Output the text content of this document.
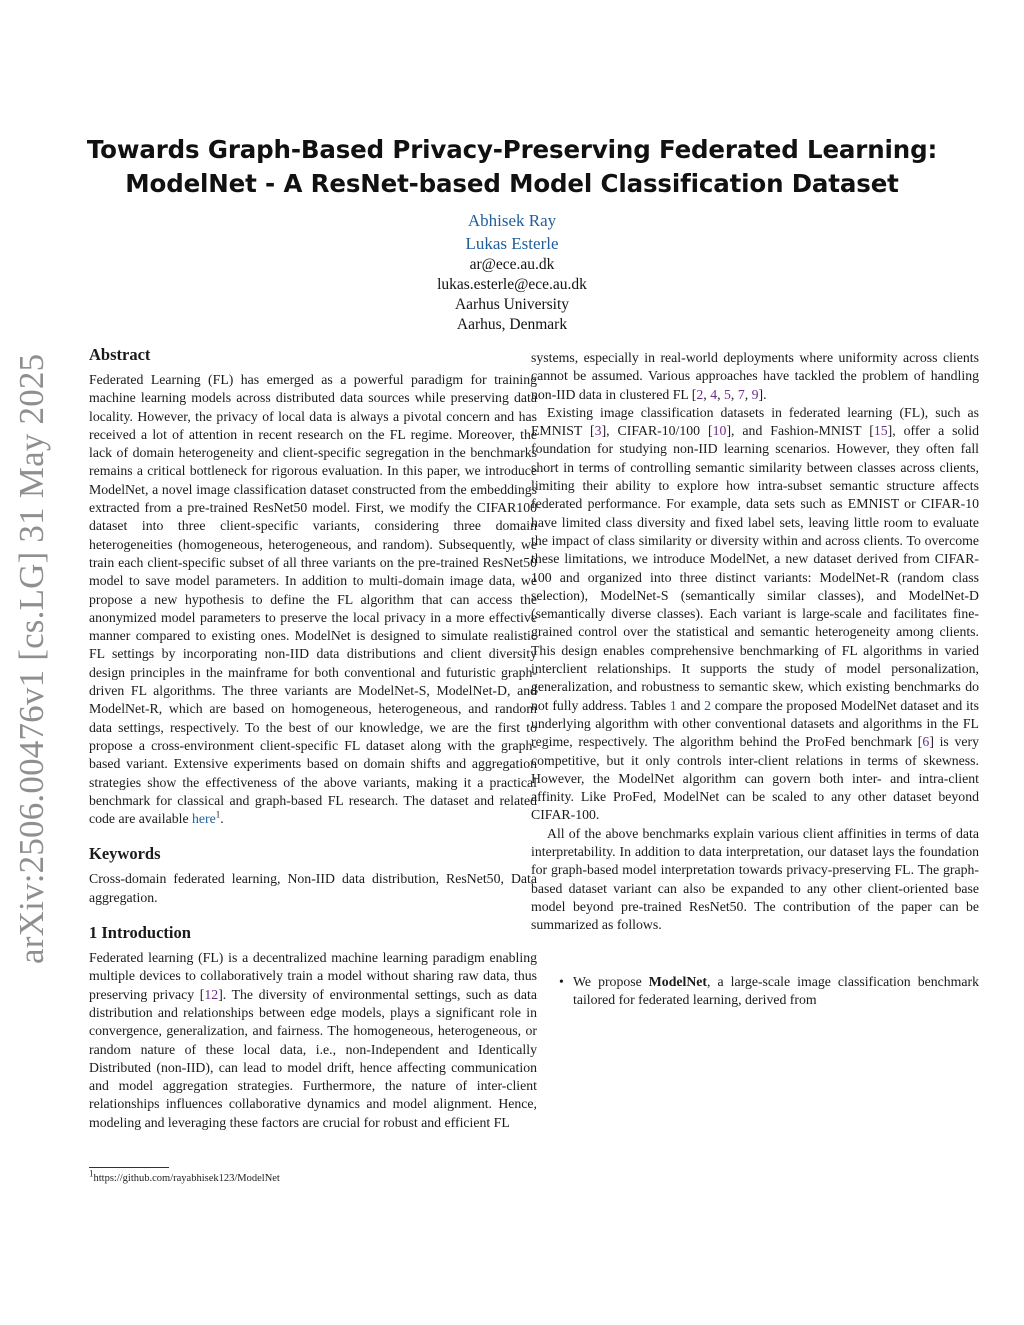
arXiv:2506.00476v1 [cs.LG] 31 May 2025
Towards Graph-Based Privacy-Preserving Federated Learning:
ModelNet - A ResNet-based Model Classification Dataset
Abhisek Ray
Lukas Esterle
ar@ece.au.dk
lukas.esterle@ece.au.dk
Aarhus University
Aarhus, Denmark
Abstract

Federated Learning (FL) has emerged as a powerful paradigm for training machine learning models across distributed data sources while preserving data locality. However, the privacy of local data is always a pivotal concern and has received a lot of attention in recent research on the FL regime. Moreover, the lack of domain heterogeneity and client-specific segregation in the benchmarks remains a critical bottleneck for rigorous evaluation. In this paper, we introduce ModelNet, a novel image classification dataset constructed from the embeddings extracted from a pre-trained ResNet50 model. First, we modify the CIFAR100 dataset into three client-specific variants, considering three domain heterogeneities (homogeneous, heterogeneous, and random). Subsequently, we train each client-specific subset of all three variants on the pre-trained ResNet50 model to save model parameters. In addition to multi-domain image data, we propose a new hypothesis to define the FL algorithm that can access the anonymized model parameters to preserve the local privacy in a more effective manner compared to existing ones. ModelNet is designed to simulate realistic FL settings by incorporating non-IID data distributions and client diversity design principles in the mainframe for both conventional and futuristic graph-driven FL algorithms. The three variants are ModelNet-S, ModelNet-D, and ModelNet-R, which are based on homogeneous, heterogeneous, and random data settings, respectively. To the best of our knowledge, we are the first to propose a cross-environment client-specific FL dataset along with the graph-based variant. Extensive experiments based on domain shifts and aggregation strategies show the effectiveness of the above variants, making it a practical benchmark for classical and graph-based FL research. The dataset and related code are available here$^1$.

Keywords

Cross-domain federated learning, Non-IID data distribution, ResNet50, Data aggregation.

1 Introduction

Federated learning (FL) is a decentralized machine learning paradigm enabling multiple devices to collaboratively train a model without sharing raw data, thus preserving privacy [12]. The diversity of environmental settings, such as data distribution and relationships between edge models, plays a significant role in convergence, generalization, and fairness. The homogeneous, heterogeneous, or random nature of these local data, i.e., non-Independent and Identically Distributed (non-IID), can lead to model drift, hence affecting communication and model aggregation strategies. Furthermore, the nature of inter-client relationships influences collaborative dynamics and model alignment. Hence, modeling and leveraging these factors are crucial for robust and efficient FL

systems, especially in real-world deployments where uniformity across clients cannot be assumed. Various approaches have tackled the problem of handling non-IID data in clustered FL [2, 4, 5, 7, 9].

Existing image classification datasets in federated learning (FL), such as EMNIST [3], CIFAR-10/100 [10], and Fashion-MNIST [15], offer a solid foundation for studying non-IID learning scenarios. However, they often fall short in terms of controlling semantic similarity between classes across clients, limiting their ability to explore how intra-subset semantic structure affects federated performance. For example, data sets such as EMNIST or CIFAR-10 have limited class diversity and fixed label sets, leaving little room to evaluate the impact of class similarity or diversity within and across clients. To overcome these limitations, we introduce ModelNet, a new dataset derived from CIFAR-100 and organized into three distinct variants: ModelNet-R (random class selection), ModelNet-S (semantically similar classes), and ModelNet-D (semantically diverse classes). Each variant is large-scale and facilitates fine-grained control over the statistical and semantic heterogeneity among clients. This design enables comprehensive benchmarking of FL algorithms in varied interclient relationships. It supports the study of model personalization, generalization, and robustness to semantic skew, which existing benchmarks do not fully address. Tables 1 and 2 compare the proposed ModelNet dataset and its underlying algorithm with other conventional datasets and algorithms in the FL regime, respectively. The algorithm behind the ProFed benchmark [6] is very competitive, but it only controls inter-client relations in terms of skewness. However, the ModelNet algorithm can govern both inter- and intra-client affinity. Like ProFed, ModelNet can be scaled to any other dataset beyond CIFAR-100.

All of the above benchmarks explain various client affinities in terms of data interpretability. In addition to data interpretation, our dataset lays the foundation for graph-based model interpretation towards privacy-preserving FL. The graph-based dataset variant can also be expanded to any other client-oriented base model beyond pre-trained ResNet50. The contribution of the paper can be summarized as follows.

• We propose ModelNet, a large-scale image classification benchmark tailored for federated learning, derived from
$^1$https://github.com/rayabhisek123/ModelNet
